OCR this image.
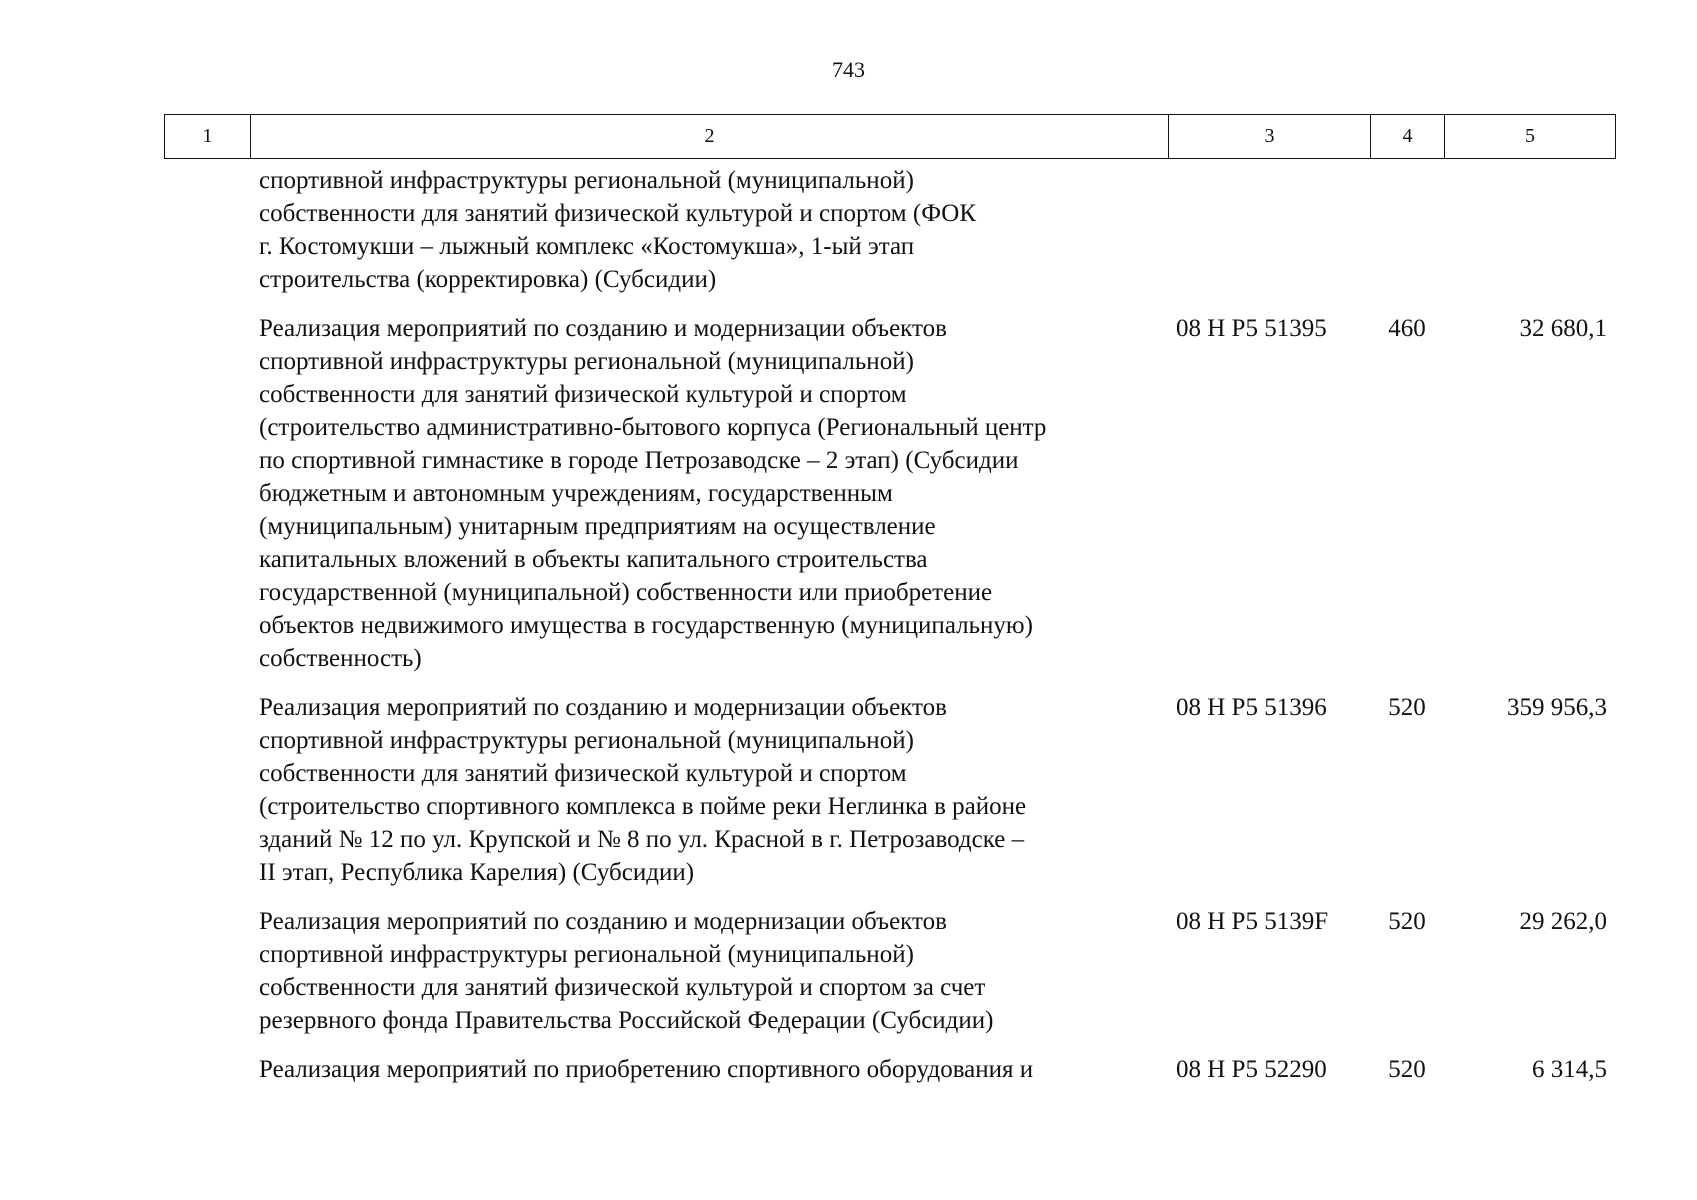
743
1	2	3	4	5
спортивной инфраструктуры региональной (муниципальной)
собственности для занятий физической культурой и спортом (ФОК
г. Костомукши – лыжный комплекс «Костомукша», 1-ый этап
строительства (корректировка) (Субсидии)
Реализация мероприятий по созданию и модернизации объектов
спортивной инфраструктуры региональной (муниципальной)
собственности для занятий физической культурой и спортом
(строительство административно-бытового корпуса (Региональный центр
по спортивной гимнастике в городе Петрозаводске – 2 этап) (Субсидии
бюджетным и автономным учреждениям, государственным
(муниципальным) унитарным предприятиям на осуществление
капитальных вложений в объекты капитального строительства
государственной (муниципальной) собственности или приобретение
объектов недвижимого имущества в государственную (муниципальную)
собственность)
08 Н Р5 51395	460	32 680,1
Реализация мероприятий по созданию и модернизации объектов
спортивной инфраструктуры региональной (муниципальной)
собственности для занятий физической культурой и спортом
(строительство спортивного комплекса в пойме реки Неглинка в районе
зданий № 12 по ул. Крупской и № 8 по ул. Красной в г. Петрозаводске –
II этап, Республика Карелия) (Субсидии)
08 Н Р5 51396	520	359 956,3
Реализация мероприятий по созданию и модернизации объектов
спортивной инфраструктуры региональной (муниципальной)
собственности для занятий физической культурой и спортом за счет
резервного фонда Правительства Российской Федерации (Субсидии)
08 Н Р5 5139F	520	29 262,0
Реализация мероприятий по приобретению спортивного оборудования и	08 Н Р5 52290	520	6 314,5
